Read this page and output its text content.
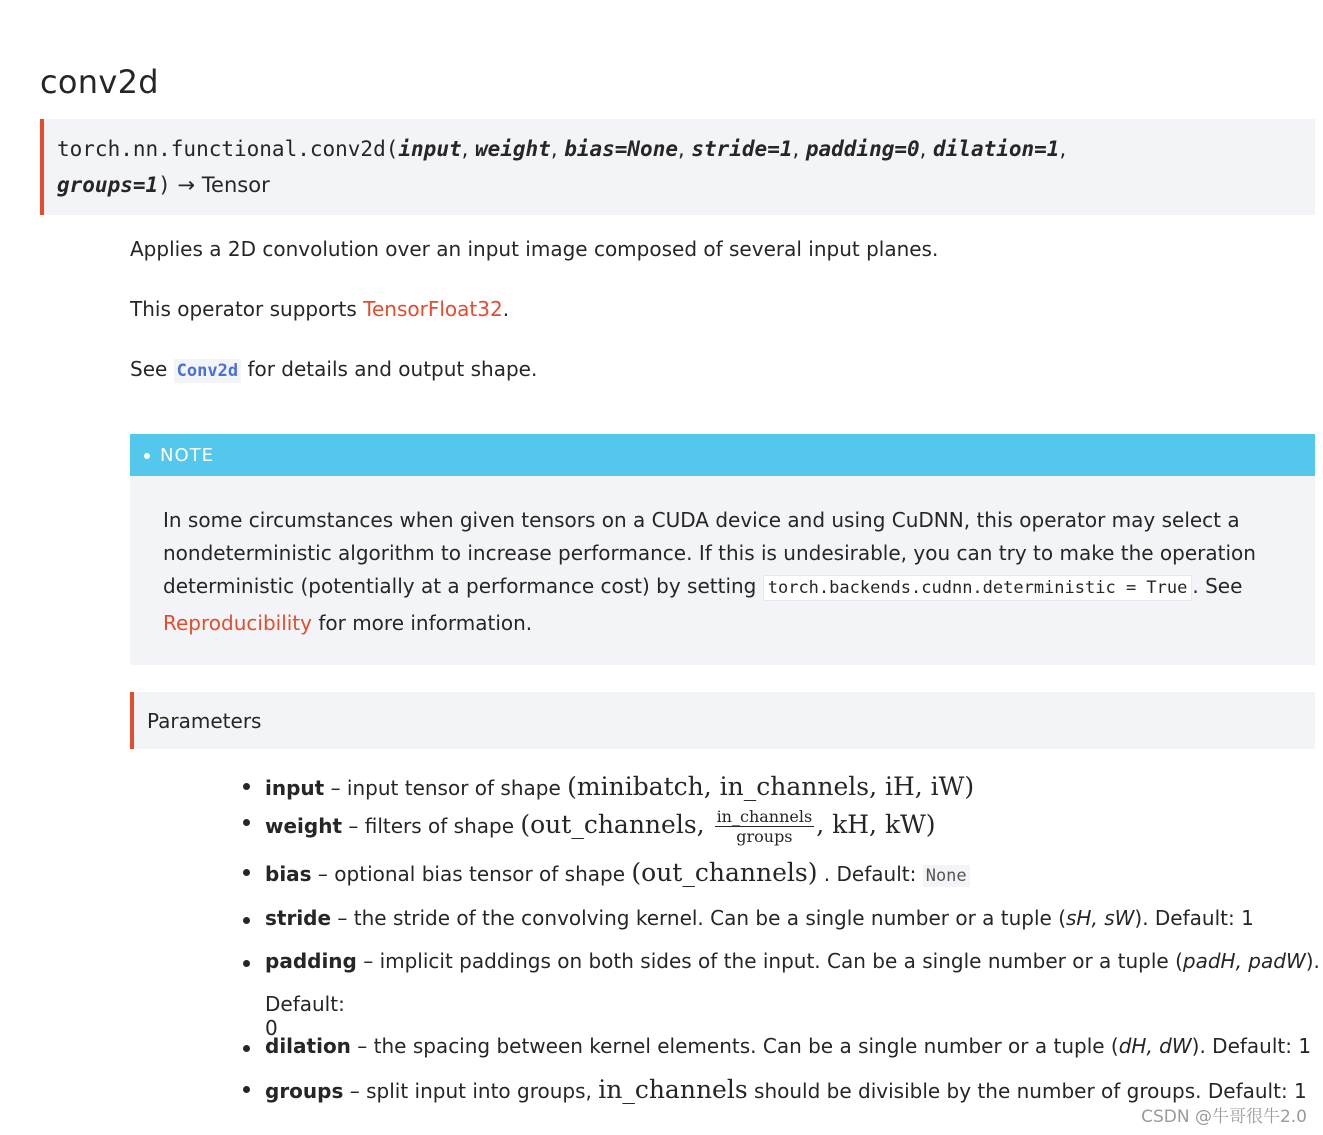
conv2d
torch.nn.functional.conv2d(input, weight, bias=None, stride=1, padding=0, dilation=1,
groups=1) → Tensor
Applies a 2D convolution over an input image composed of several input planes.
This operator supports TensorFloat32.
See Conv2d for details and output shape.
NOTE
In some circumstances when given tensors on a CUDA device and using CuDNN, this operator may select a
nondeterministic algorithm to increase performance. If this is undesirable, you can try to make the operation
deterministic (potentially at a performance cost) by setting torch.backends.cudnn.deterministic = True . See
Reproducibility for more information.
Parameters
input – input tensor of shape (minibatch, in_channels, iH, iW)
weight – filters of shape (out_channels, $\frac{\text{in\_channels}}{\text{groups}}$ , kH, kW)
bias – optional bias tensor of shape (out_channels) . Default: None
stride – the stride of the convolving kernel. Can be a single number or a tuple (sH, sW). Default: 1
padding – implicit paddings on both sides of the input. Can be a single number or a tuple (padH, padW).
Default: 0
dilation – the spacing between kernel elements. Can be a single number or a tuple (dH, dW). Default: 1
groups – split input into groups, in_channels should be divisible by the number of groups. Default: 1
CSDN @牛哥很牛2.0
